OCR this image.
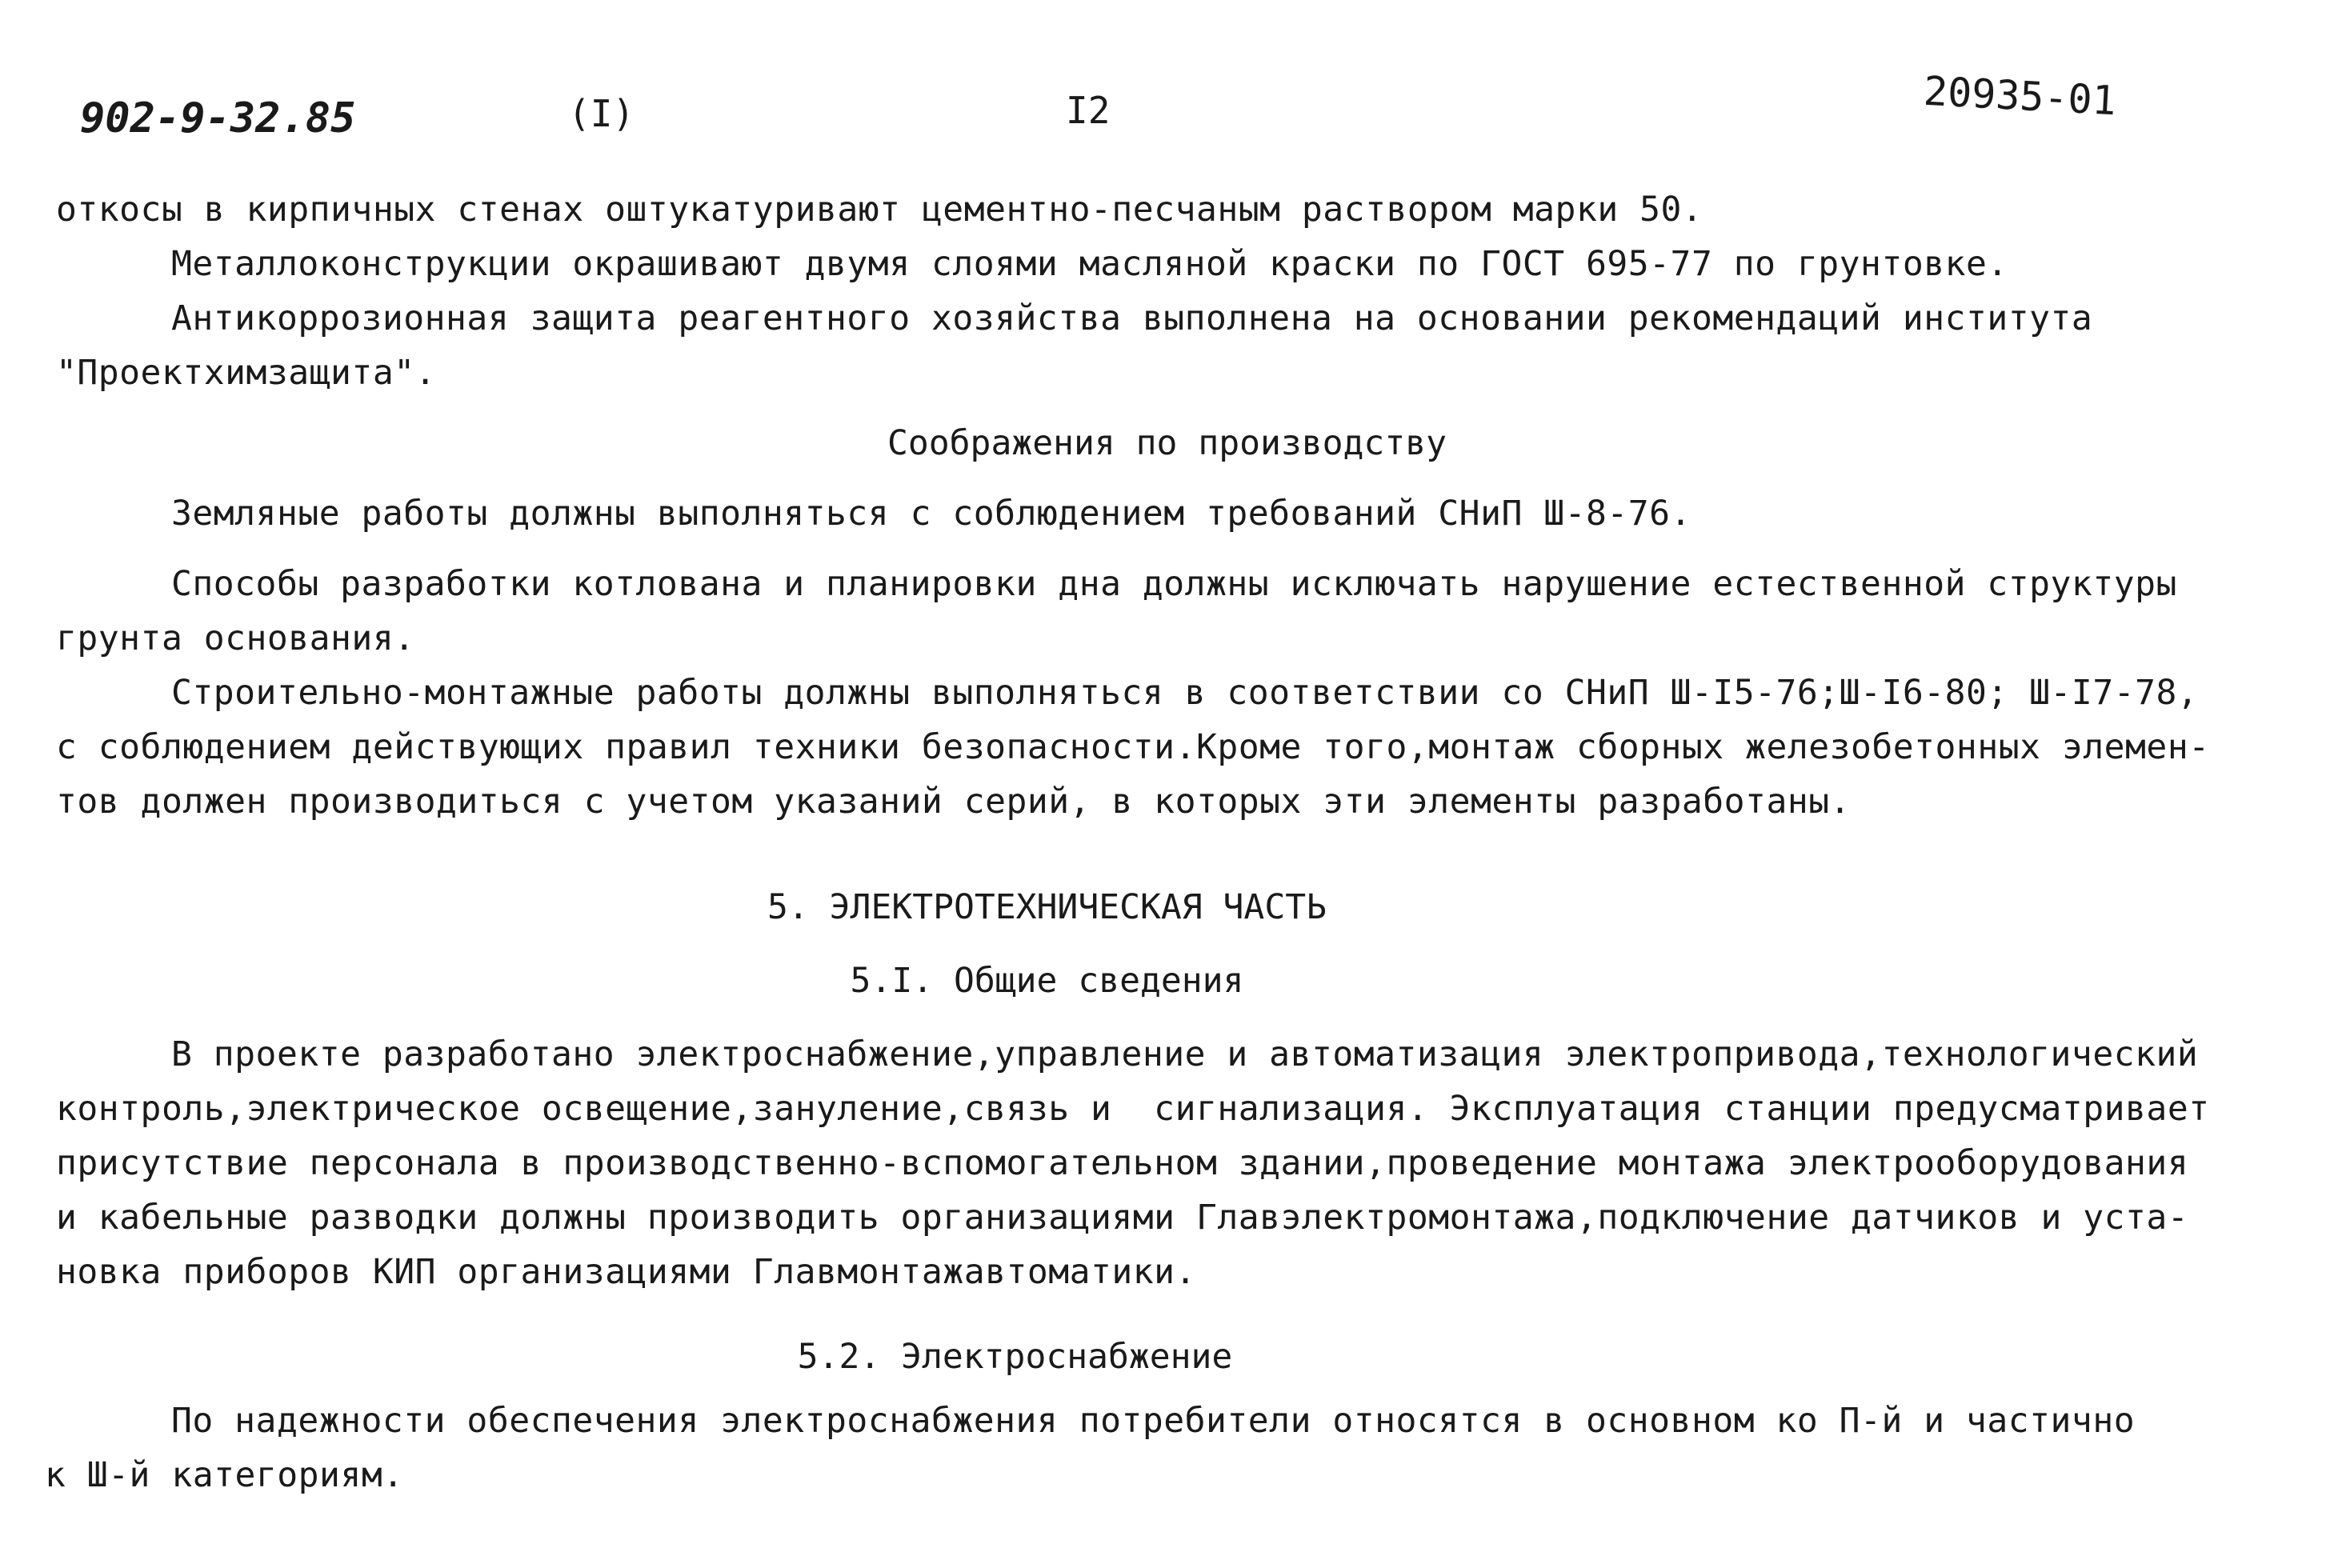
902-9-32.85	(I)	I2	20935-01
откосы в кирпичных стенах оштукатуривают цементно-песчаным раствором марки 50.
Металлоконструкции окрашивают двумя слоями масляной краски по ГОСТ 695-77 по грунтовке.
Антикоррозионная защита реагентного хозяйства выполнена на основании рекомендаций института
"Проектхимзащита".
Соображения по производству
Земляные работы должны выполняться с соблюдением требований СНиП Ш-8-76.
Способы разработки котлована и планировки дна должны исключать нарушение естественной структуры
грунта основания.
Строительно-монтажные работы должны выполняться в соответствии со СНиП Ш-I5-76;Ш-I6-80; Ш-I7-78,
с соблюдением действующих правил техники безопасности.Кроме того,монтаж сборных железобетонных элемен-
тов должен производиться с учетом указаний серий, в которых эти элементы разработаны.
5. ЭЛЕКТРОТЕХНИЧЕСКАЯ ЧАСТЬ
5.I. Общие сведения
В проекте разработано электроснабжение,управление и автоматизация электропривода,технологический
контроль,электрическое освещение,зануление,связь и  сигнализация. Эксплуатация станции предусматривает
присутствие персонала в производственно-вспомогательном здании,проведение монтажа электрооборудования
и кабельные разводки должны производить организациями Главэлектромонтажа,подключение датчиков и уста-
новка приборов КИП организациями Главмонтажавтоматики.
5.2. Электроснабжение
По надежности обеспечения электроснабжения потребители относятся в основном ко П-й и частично
к Ш-й категориям.
